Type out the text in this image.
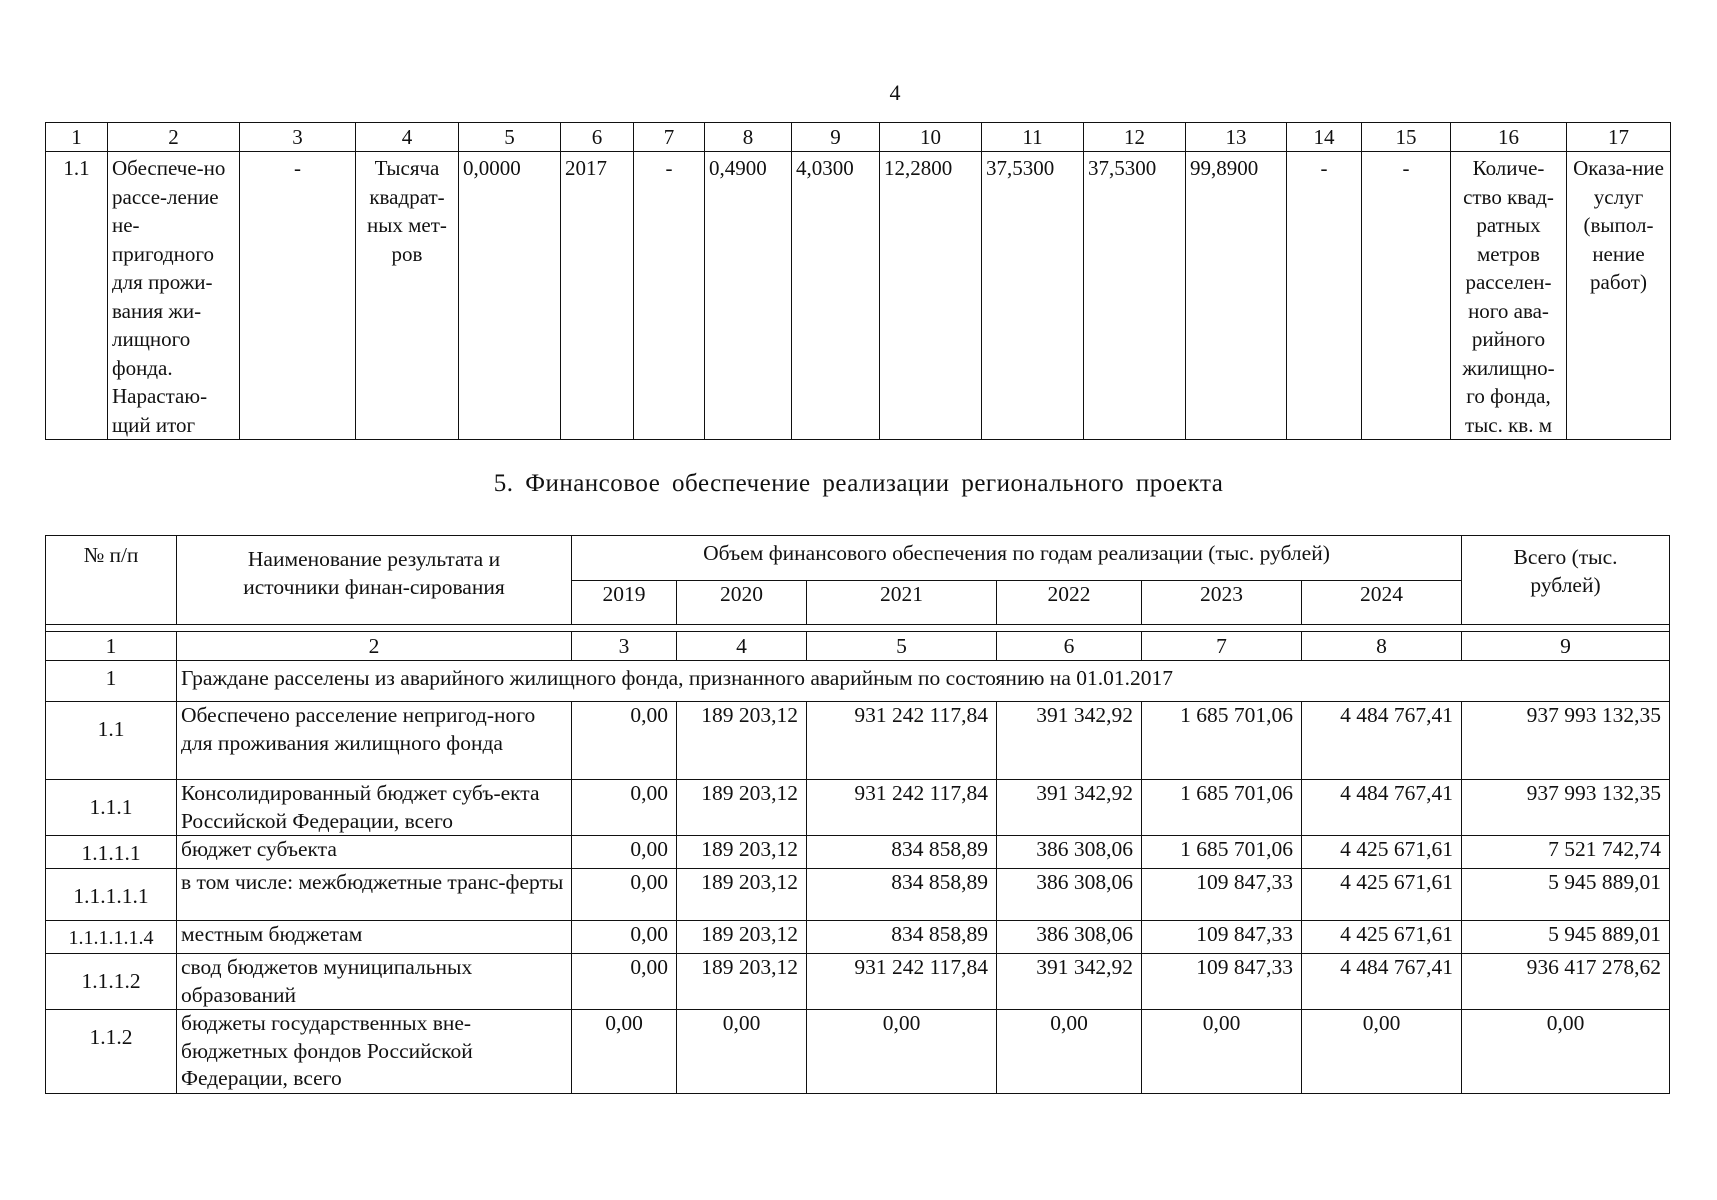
4
1	2	3	4	5	6	7	8	9	10	11	12	13	14	15	16	17
1.1	Обеспече-но рассе-ление не-пригодного для прожи-вания жи-лищного фонда. Нарастаю-щий итог	-	Тысяча квадрат-ных мет-ров	0,0000	2017	-	0,4900	4,0300	12,2800	37,5300	37,5300	99,8900	-	-	Количе-ство квад-ратных метров расселен-ного ава-рийного жилищно-го фонда, тыс. кв. м	Оказа-ние услуг (выпол-нение работ)
5. Финансовое обеспечение реализации регионального проекта
№ п/п	Наименование результата и источники финан-сирования	Объем финансового обеспечения по годам реализации (тыс. рублей)						Всего (тыс. рублей)
		2019	2020	2021	2022	2023	2024	

1	2	3	4	5	6	7	8	9
1	Граждане расселены из аварийного жилищного фонда, признанного аварийным по состоянию на 01.01.2017							
1.1	Обеспечено расселение непригод-ного для проживания жилищного фонда	0,00	189 203,12	931 242 117,84	391 342,92	1 685 701,06	4 484 767,41	937 993 132,35
1.1.1	Консолидированный бюджет субъ-екта Российской Федерации, всего	0,00	189 203,12	931 242 117,84	391 342,92	1 685 701,06	4 484 767,41	937 993 132,35
1.1.1.1	бюджет субъекта	0,00	189 203,12	834 858,89	386 308,06	1 685 701,06	4 425 671,61	7 521 742,74
1.1.1.1.1	в том числе: межбюджетные транс-ферты	0,00	189 203,12	834 858,89	386 308,06	109 847,33	4 425 671,61	5 945 889,01
1.1.1.1.1.4	местным бюджетам	0,00	189 203,12	834 858,89	386 308,06	109 847,33	4 425 671,61	5 945 889,01
1.1.1.2	свод бюджетов муниципальных образований	0,00	189 203,12	931 242 117,84	391 342,92	109 847,33	4 484 767,41	936 417 278,62
1.1.2	бюджеты государственных вне-бюджетных фондов Российской Федерации, всего	0,00	0,00	0,00	0,00	0,00	0,00	0,00
